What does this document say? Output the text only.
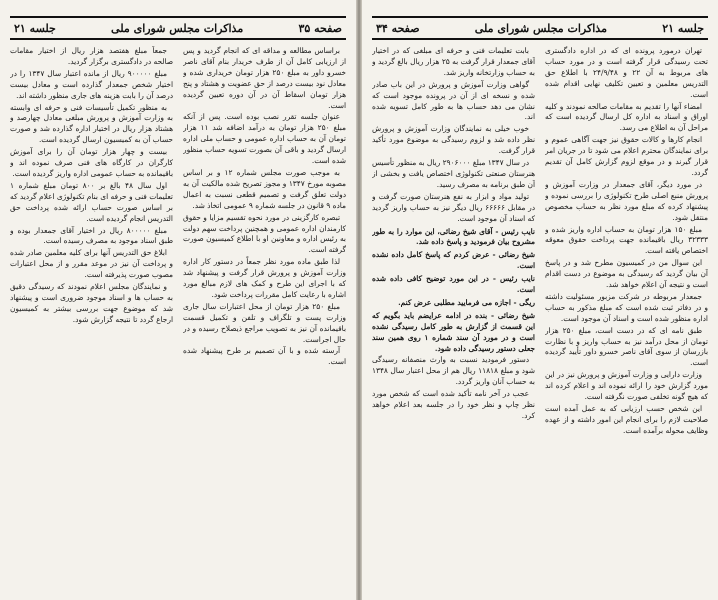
صفحه ۳۵
مذاکرات مجلس شورای ملی
جلسه ۲۱

براساس مطالعه و مداقه ای که انجام گردید و پس از ارزیابی کامل آن از طرف خریدار بنام آقای ناصر خسرو داور به مبلغ ۲۵۰ هزار تومان خریداری شده و معادل نود بیست درصد از حق عضویت و هشتاد و پنج هزار تومان اسقاط آن در آن دوره تعیین گردیده است.

عنوان جلسه تقرر نصب بوده است. پس از آنکه مبلغ ۲۵۰ هزار تومان به درآمد اضافه شد ۱۱ هزار تومان آن به حساب اداره عمومی و حساب ملی اداره ارسال گردید و باقی آن بصورت تسویه حساب منظور شده است.

به موجب صورت مجلس شماره ۱۲ و بر اساس مصوبه مورخ ۱۳۴۷ و مجوز تصریح شده مالکیت آن به دولت تعلق گرفت و تصمیم قطعی نسبت به اعمال ماده ۹ قانون در جلسه شماره ۹ عمومی اتخاذ شد.

تبصره کارگزینی در مورد نحوه تقسیم مزایا و حقوق کارمندان اداره عمومی و همچنین پرداخت سهم دولت به رئیس اداره و معاونین او با اطلاع کمیسیون صورت گرفته است.

لذا طبق ماده مورد نظر جمعاً در دستور کار اداره وزارت آموزش و پرورش قرار گرفت و پیشنهاد شد که با اجرای این طرح و کمک های لازم مبالغ مورد اشاره با رعایت کامل مقررات پرداخت شود.

مبلغ ۲۵۰ هزار تومان از محل اعتبارات سال جاری وزارت پست و تلگراف و تلفن و تکمیل قسمت باقیمانده آن نیز به تصویب مراجع ذیصلاح رسیده و در حال اجراست.

آرسته شده و با آن تصمیم بر طرح پیشنهاد شده است.

جمعاً مبلغ هفتصد هزار ریال از اختیار مقامات صالحه در دادگستری برگزار گردید.

مبلغ ۹۰۰۰۰۰ ریال از مانده اعتبار سال ۱۳۴۷ را در اختیار شخص جمعدار گذارده است و معادل بیست درصد آن را بابت هزینه های جاری منظور داشته اند.

به منظور تکمیل تأسیسات فنی و حرفه ای وابسته به وزارت آموزش و پرورش مبلغی معادل چهارصد و هشتاد هزار ریال در اختیار اداره گذارده شد و صورت حساب آن به کمیسیون ارسال گردیده است.

بیست و چهار هزار تومان آن را برای آموزش کارگران در کارگاه های فنی صرف نموده اند و باقیمانده به حساب عمومی اداره واریز گردیده است.

اول سال ۴۸ بالغ بر ۸۰۰ تومان مبلغ شماره ۱ تعلیمات فنی و حرفه ای بنام تکنولوژی اعلام گردید که بر اساس صورت حساب ارائه شده پرداخت حق التدریس انجام گردیده است.

مبلغ ۸۰۰۰۰۰ ریال در اختیار آقای جمعدار بوده و طبق اسناد موجود به مصرف رسیده است.

ابلاغ حق التدریس آنها برای کلیه معلمین صادر شده و پرداخت آن نیز در موعد مقرر و از محل اعتبارات مصوب صورت پذیرفته است.

و نمایندگان مجلس اعلام نمودند که رسیدگی دقیق به حساب ها و اسناد موجود ضروری است و پیشنهاد شد که موضوع جهت بررسی بیشتر به کمیسیون ارجاع گردد تا نتیجه گزارش شود.

جلسه ۲۱
مذاکرات مجلس شورای ملی
صفحه ۳۴

تهران درمورد پرونده ای که در اداره دادگستری تحت رسیدگی قرار گرفته است و در مورد حساب های مربوط به آن ۲۲ و ۲۴/۹/۴۸ با اطلاع حق التدریس معلمین و تعیین تکلیف نهایی اقدام شده است.

امضاء آنها را تقدیم به مقامات صالحه نمودند و کلیه اوراق و اسناد به اداره کل ارسال گردیده است که مراحل آن به اطلاع می رسد.

انجام کارها و کالات حقوق نیز جهت آگاهی عموم و برای نمایندگان محترم اعلام می شود تا در جریان امر قرار گیرند و در موقع لزوم گزارش کامل آن تقدیم گردد.

در مورد دیگر، آقای جمعدار در وزارت آموزش و پرورش منبع اصلی طرح تکنولوژی را بررسی نموده و پیشنهاد کرده که مبلغ مورد نظر به حساب مخصوص منتقل شود.

مبلغ ۱۵۰ هزار تومان به حساب اداره واریز شده و ۳۲۳۳۳ ریال باقیمانده جهت پرداخت حقوق معوقه اختصاص یافته است.

این سوال من در کمیسیون مطرح شد و در پاسخ آن بیان گردید که رسیدگی به موضوع در دست اقدام است و نتیجه آن اعلام خواهد شد.

جمعدار مربوطه در شرکت مزبور مسئولیت داشته و در دفاتر ثبت شده است که مبلغ مذکور به حساب اداره منظور شده است و اسناد آن موجود است.

طبق نامه ای که در دست است، مبلغ ۲۵۰ هزار تومان از محل درآمد نیز به حساب واریز و با نظارت بازرسان از سوی آقای ناصر خسرو داور تأیید گردیده است.

وزارت دارایی و وزارت آموزش و پرورش نیز در این مورد گزارش خود را ارائه نموده اند و اعلام کرده اند که هیچ گونه تخلفی صورت نگرفته است.

این شخص حسب ارزیابی که به عمل آمده است صلاحیت لازم را برای انجام این امور داشته و از عهده وظایف محوله برآمده است.

بابت تعلیمات فنی و حرفه ای مبلغی که در اختیار آقای جمعدار قرار گرفت به ۲۵ هزار ریال بالغ گردید و به حساب وزارتخانه واریز شد.

گواهی وزارت آموزش و پرورش در این باب صادر شده و نسخه ای از آن در پرونده موجود است که نشان می دهد حساب ها به طور کامل تسویه شده اند.

خوب خیلی به نمایندگان وزارت آموزش و پرورش نظر داده شد و لزوم رسیدگی به موضوع مورد تأکید قرار گرفت.

در سال ۱۳۴۷ مبلغ ۲۹۰۶۰۰۰ ریال به منظور تأسیس هنرستان صنعتی تکنولوژی اختصاص یافت و بخشی از آن طبق برنامه به مصرف رسید.

تولید مواد و ابزار به نفع هنرستان صورت گرفت و در مقابل ۶۶۶۶۶ ریال دیگر نیز به حساب واریز گردید که اسناد آن موجود است.

نایب رئیس - آقای شیخ رضائی، این موارد را به طور مشروح بیان فرمودید و پاسخ داده شد.

شیخ رضائی - عرض کردم که پاسخ کامل داده نشده است.

نایب رئیس - در این مورد توضیح کافی داده شده است.

ریگی - اجازه می فرمایید مطلبی عرض کنم.

شیخ رضائی - بنده در ادامه عرایضم باید بگویم که این قسمت از گزارش به طور کامل رسیدگی نشده است و در مورد آن سند شماره ۱ روی همین سند جعلی دستور رسیدگی داده شود.

دستور فرمودید نسبت به وارث منصفانه رسیدگی شود و مبلغ ۱۱۸۱۸ ریال هم از محل اعتبار سال ۱۳۴۸ به حساب آنان واریز گردد.

عجب در آخر نامه تأکید شده است که شخص مورد نظر چاپ و نظر خود را در جلسه بعد اعلام خواهد کرد.
